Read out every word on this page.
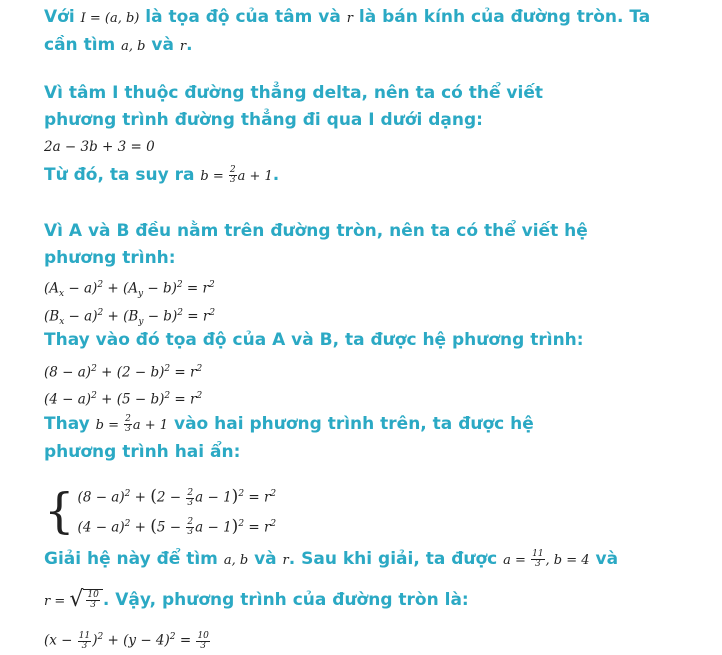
Với I = (a, b) là tọa độ của tâm và r là bán kính của đường tròn. Ta cần tìm a, b và r.
Vì tâm I thuộc đường thẳng delta, nên ta có thể viết phương trình đường thẳng đi qua I dưới dạng:
2a − 3b + 3 = 0
Từ đó, ta suy ra $b = \frac{2}{3}$ a + 1.
Vì A và B đều nằm trên đường tròn, nên ta có thể viết hệ phương trình:
$(A_x - a)^2 + (A_y - b)^2 = r^2$
$(B_x - a)^2 + (B_y - b)^2 = r^2$
Thay vào đó tọa độ của A và B, ta được hệ phương trình:
$(8 - a)^2 + (2 - b)^2 = r^2$
$(4 - a)^2 + (5 - b)^2 = r^2$
Thay $b = \frac{2}{3}$ a + 1 vào hai phương trình trên, ta được hệ phương trình hai ẩn:
{ $(8 - a)^2 + (2 - \frac{2}{3}$ $a - 1)^2 = r^2$
$(4 - a)^2 + (5 - \frac{2}{3}$ $a - 1)^2 = r^2$
Giải hệ này để tìm a, b và r. Sau khi giải, ta được $a = \frac{11}{3}$ , b = 4 và
r = √ $\frac{10}{3}$ . Vậy, phương trình của đường tròn là:
$(x - \frac{11}{3} )^2 + (y - 4)^2 = \frac{10}{3}$
